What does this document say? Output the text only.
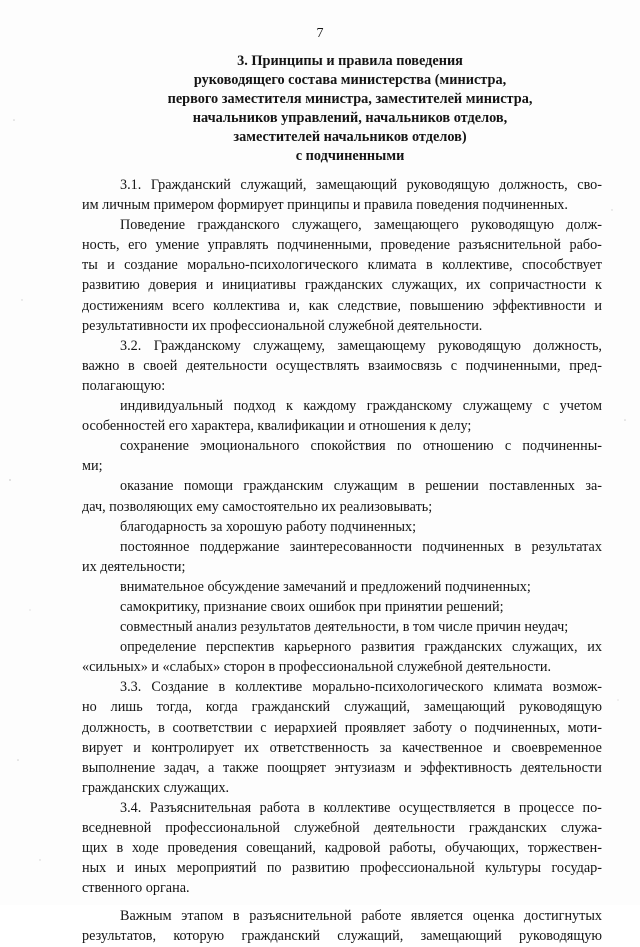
7
3. Принципы и правила поведения
руководящего состава министерства (министра,
первого заместителя министра, заместителей министра,
начальников управлений, начальников отделов,
заместителей начальников отделов)
с подчиненными
3.1. Гражданский служащий, замещающий руководящую должность, сво-
им личным примером формирует принципы и правила поведения подчиненных.
Поведение гражданского служащего, замещающего руководящую долж-
ность, его умение управлять подчиненными, проведение разъяснительной рабо-
ты и создание морально-психологического климата в коллективе, способствует
развитию доверия и инициативы гражданских служащих, их сопричастности к
достижениям всего коллектива и, как следствие, повышению эффективности и
результативности их профессиональной служебной деятельности.
3.2. Гражданскому служащему, замещающему руководящую должность,
важно в своей деятельности осуществлять взаимосвязь с подчиненными, пред-
полагающую:
индивидуальный подход к каждому гражданскому служащему с учетом
особенностей его характера, квалификации и отношения к делу;
сохранение эмоционального спокойствия по отношению с подчиненны-
ми;
оказание помощи гражданским служащим в решении поставленных за-
дач, позволяющих ему самостоятельно их реализовывать;
благодарность за хорошую работу подчиненных;
постоянное поддержание заинтересованности подчиненных в результатах
их деятельности;
внимательное обсуждение замечаний и предложений подчиненных;
самокритику, признание своих ошибок при принятии решений;
совместный анализ результатов деятельности, в том числе причин неудач;
определение перспектив карьерного развития гражданских служащих, их
«сильных» и «слабых» сторон в профессиональной служебной деятельности.
3.3. Создание в коллективе морально-психологического климата возмож-
но лишь тогда, когда гражданский служащий, замещающий руководящую
должность, в соответствии с иерархией проявляет заботу о подчиненных, моти-
вирует и контролирует их ответственность за качественное и своевременное
выполнение задач, а также поощряет энтузиазм и эффективность деятельности
гражданских служащих.
3.4. Разъяснительная работа в коллективе осуществляется в процессе по-
вседневной профессиональной служебной деятельности гражданских служа-
щих в ходе проведения совещаний, кадровой работы, обучающих, торжествен-
ных и иных мероприятий по развитию профессиональной культуры государ-
ственного органа.
Важным этапом в разъяснительной работе является оценка достигнутых
результатов, которую гражданский служащий, замещающий руководящую
